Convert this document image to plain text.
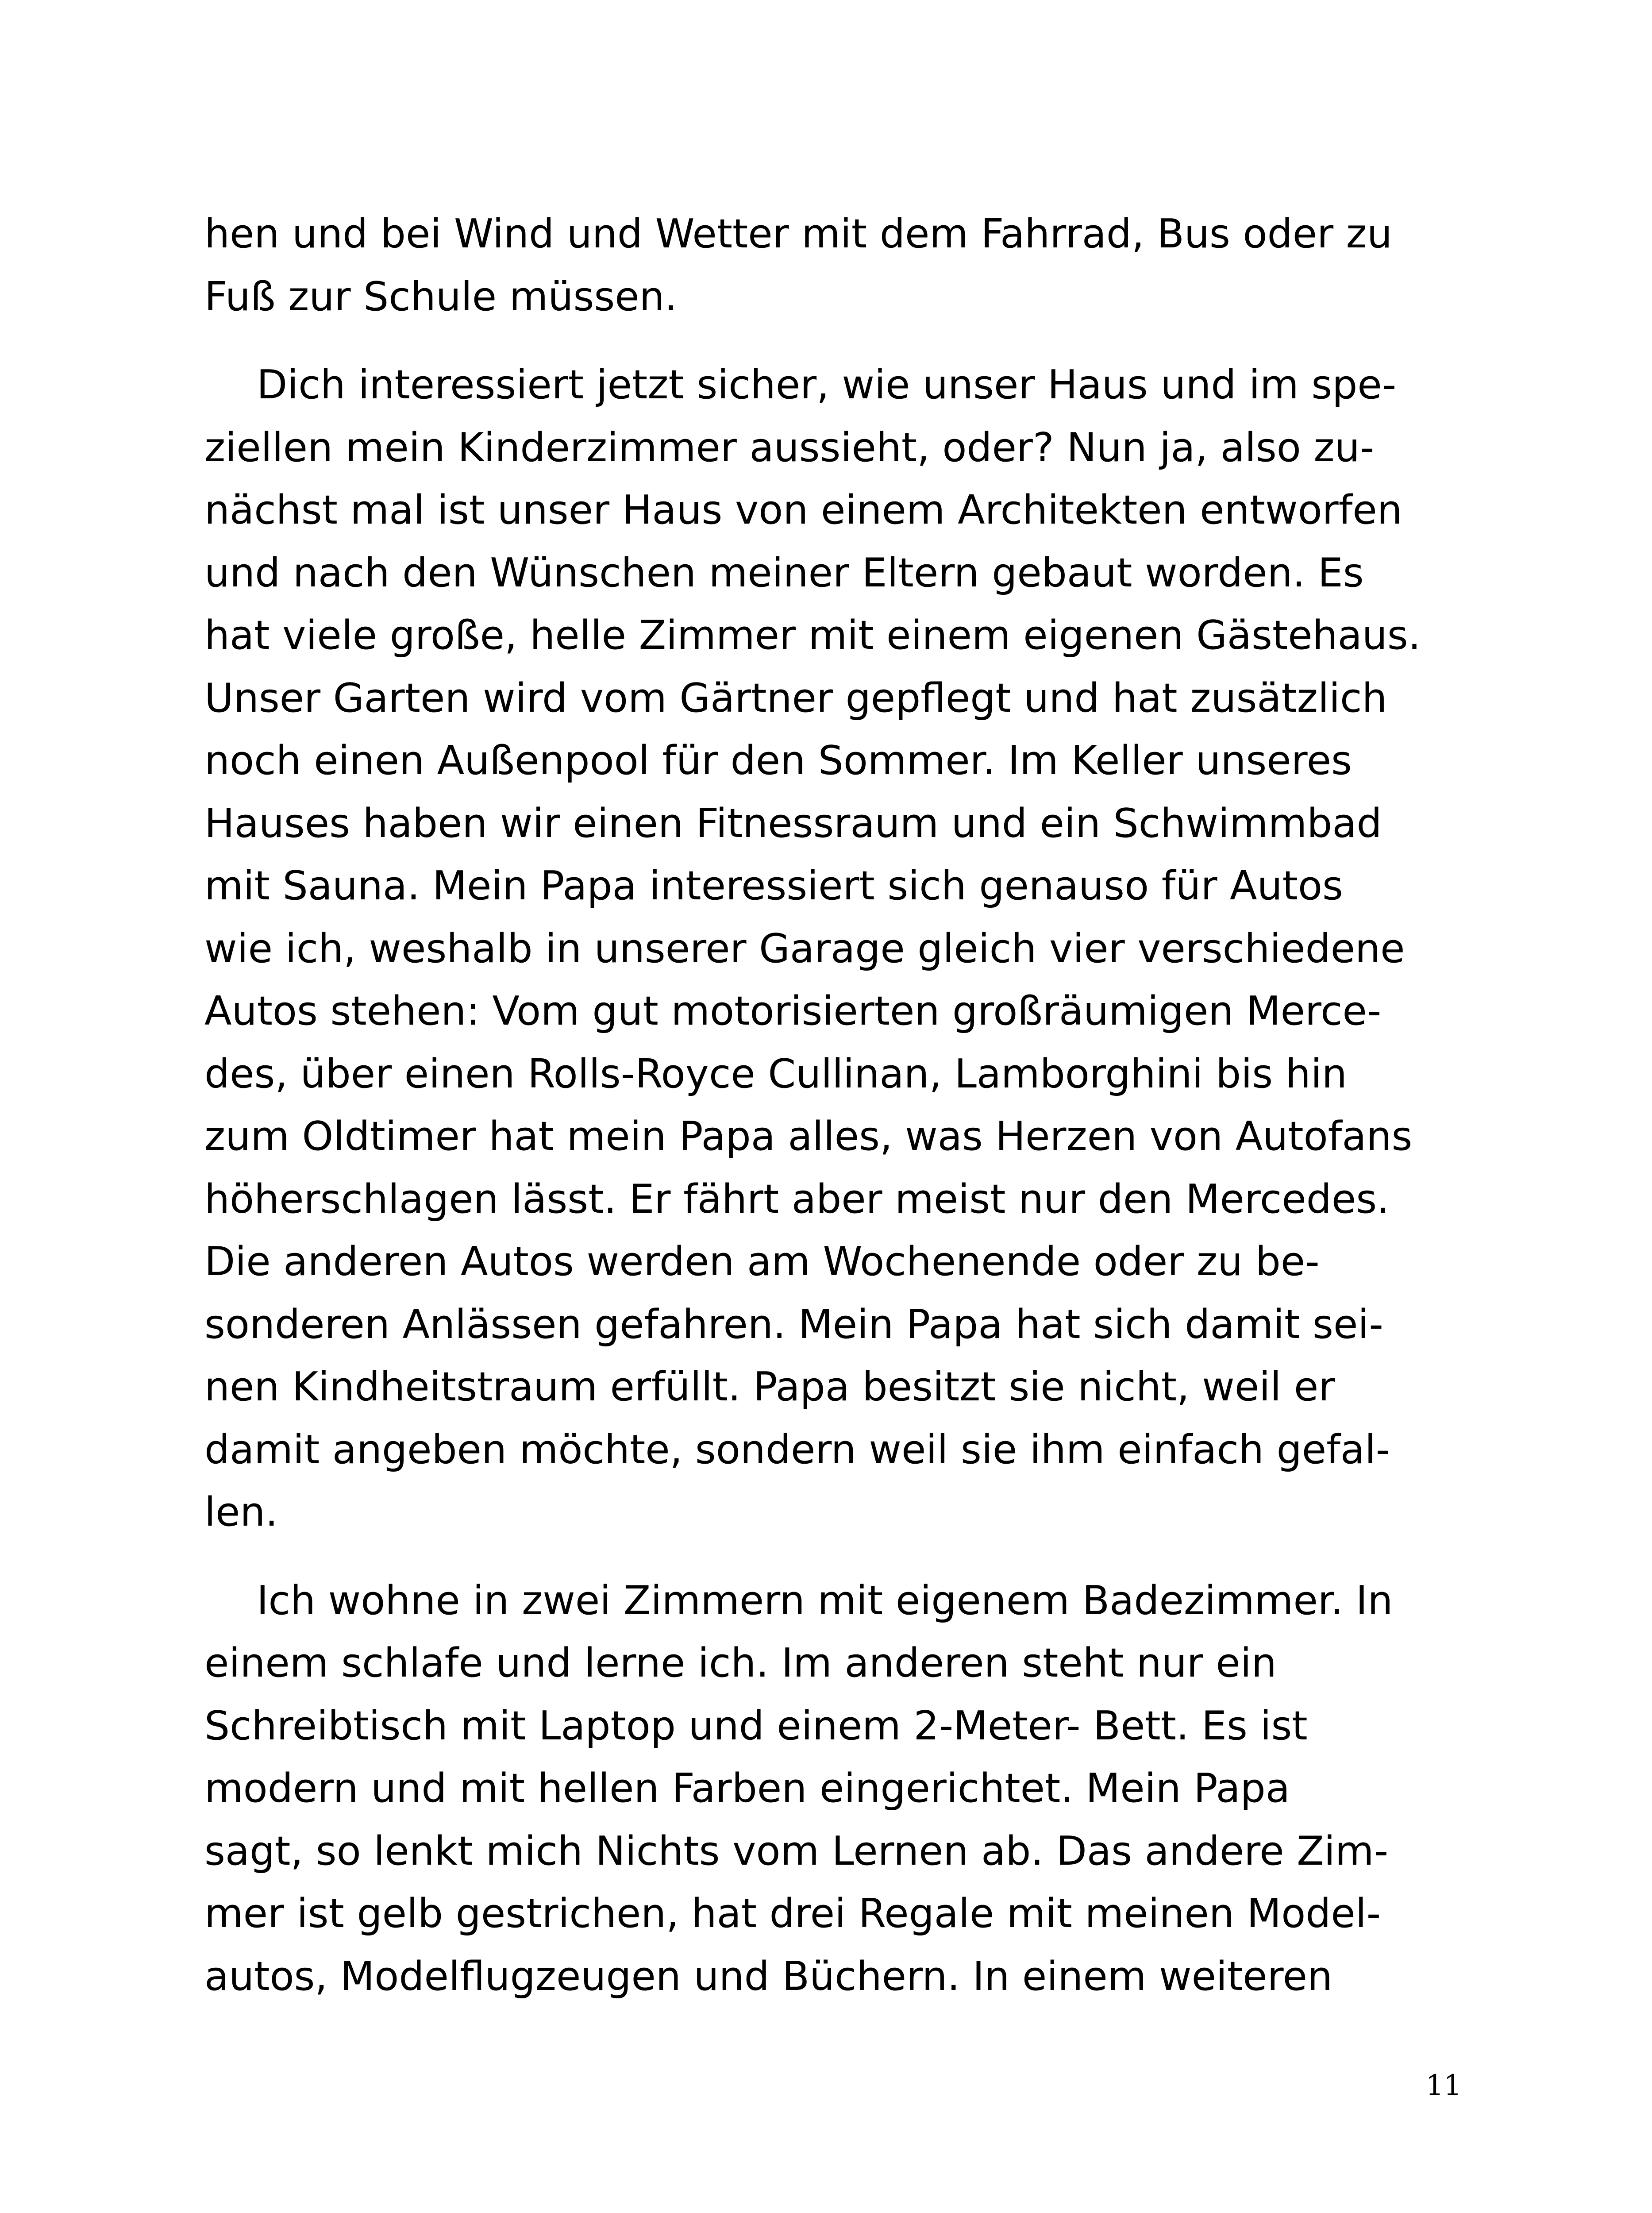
hen und bei Wind und Wetter mit dem Fahrrad, Bus oder zu
Fuß zur Schule müssen.
Dich interessiert jetzt sicher, wie unser Haus und im spe-
ziellen mein Kinderzimmer aussieht, oder? Nun ja, also zu-
nächst mal ist unser Haus von einem Architekten entworfen
und nach den Wünschen meiner Eltern gebaut worden. Es
hat viele große, helle Zimmer mit einem eigenen Gästehaus.
Unser Garten wird vom Gärtner gepflegt und hat zusätzlich
noch einen Außenpool für den Sommer. Im Keller unseres
Hauses haben wir einen Fitnessraum und ein Schwimmbad
mit Sauna. Mein Papa interessiert sich genauso für Autos
wie ich, weshalb in unserer Garage gleich vier verschiedene
Autos stehen: Vom gut motorisierten großräumigen Merce-
des, über einen Rolls-Royce Cullinan, Lamborghini bis hin
zum Oldtimer hat mein Papa alles, was Herzen von Autofans
höherschlagen lässt. Er fährt aber meist nur den Mercedes.
Die anderen Autos werden am Wochenende oder zu be-
sonderen Anlässen gefahren. Mein Papa hat sich damit sei-
nen Kindheitstraum erfüllt. Papa besitzt sie nicht, weil er
damit angeben möchte, sondern weil sie ihm einfach gefal-
len.
Ich wohne in zwei Zimmern mit eigenem Badezimmer. In
einem schlafe und lerne ich. Im anderen steht nur ein
Schreibtisch mit Laptop und einem 2-Meter- Bett. Es ist
modern und mit hellen Farben eingerichtet. Mein Papa
sagt, so lenkt mich Nichts vom Lernen ab. Das andere Zim-
mer ist gelb gestrichen, hat drei Regale mit meinen Model-
autos, Modelflugzeugen und Büchern. In einem weiteren
11
